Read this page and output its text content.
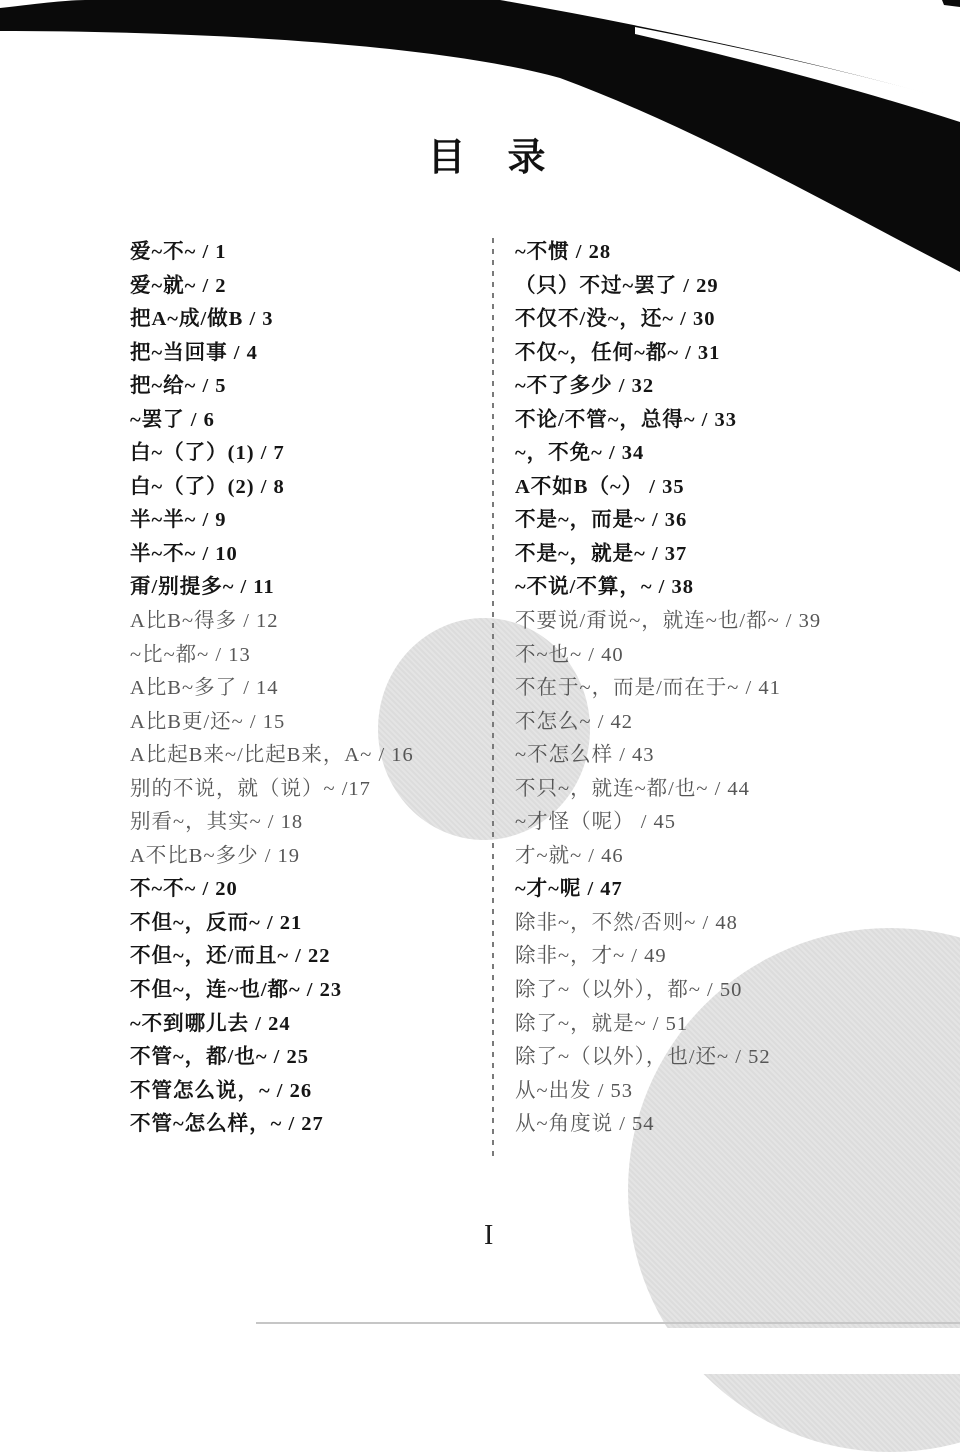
目　录
爱~不~ / 1
爱~就~ / 2
把A~成/做B / 3
把~当回事 / 4
把~给~ / 5
~罢了 / 6
白~（了）(1) / 7
白~（了）(2) / 8
半~半~ / 9
半~不~ / 10
甭/别提多~ / 11
A比B~得多 / 12
~比~都~ / 13
A比B~多了 / 14
A比B更/还~ / 15
A比起B来~/比起B来，A~ / 16
别的不说，就（说）~ /17
别看~，其实~ / 18
A不比B~多少 / 19
不~不~ / 20
不但~，反而~ / 21
不但~，还/而且~ / 22
不但~，连~也/都~ / 23
~不到哪儿去 / 24
不管~，都/也~ / 25
不管怎么说，~ / 26
不管~怎么样，~ / 27
~不惯 / 28
（只）不过~罢了 / 29
不仅不/没~，还~ / 30
不仅~，任何~都~ / 31
~不了多少 / 32
不论/不管~，总得~ / 33
~，不免~ / 34
A不如B（~） / 35
不是~，而是~ / 36
不是~，就是~ / 37
~不说/不算，~ / 38
不要说/甭说~，就连~也/都~ / 39
不~也~ / 40
不在于~，而是/而在于~ / 41
不怎么~ / 42
~不怎么样 / 43
不只~，就连~都/也~ / 44
~才怪（呢） / 45
才~就~ / 46
~才~呢 / 47
除非~，不然/否则~ / 48
除非~，才~ / 49
除了~（以外），都~ / 50
除了~，就是~ / 51
除了~（以外），也/还~ / 52
从~出发 / 53
从~角度说 / 54
I
